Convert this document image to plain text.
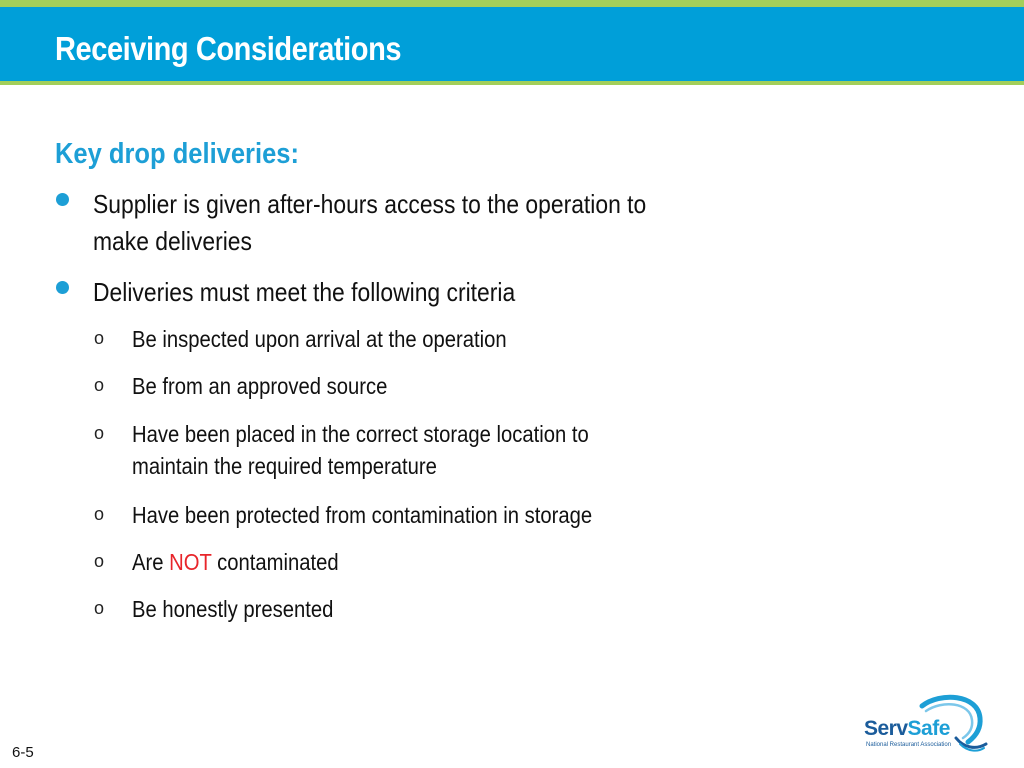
Receiving Considerations
Key drop deliveries:
Supplier is given after-hours access to the operation to make deliveries
Deliveries must meet the following criteria
o Be inspected upon arrival at the operation
o Be from an approved source
o Have been placed in the correct storage location to maintain the required temperature
o Have been protected from contamination in storage
o Are NOT contaminated
o Be honestly presented
6-5
ServSafe
National Restaurant Association
